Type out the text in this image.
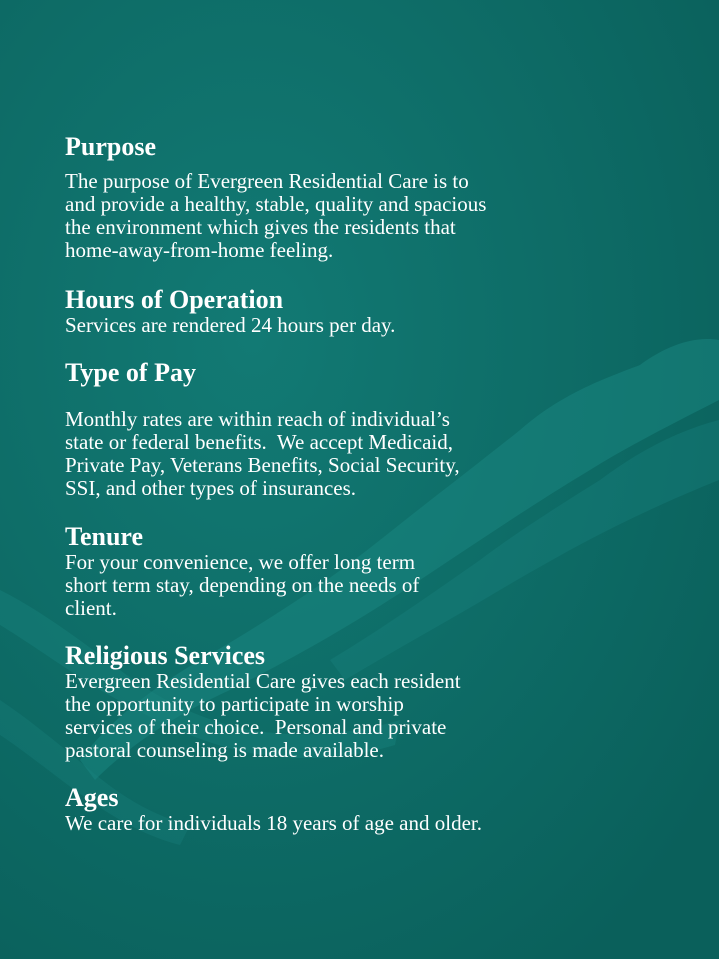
Purpose
The purpose of Evergreen Residential Care is to
and provide a healthy, stable, quality and spacious
the environment which gives the residents that
home-away-from-home feeling.
Hours of Operation
Services are rendered 24 hours per day.
Type of Pay
Monthly rates are within reach of individual’s
state or federal benefits.  We accept Medicaid,
Private Pay, Veterans Benefits, Social Security,
SSI, and other types of insurances.
Tenure
For your convenience, we offer long term
short term stay, depending on the needs of
client.
Religious Services
Evergreen Residential Care gives each resident
the opportunity to participate in worship
services of their choice.  Personal and private
pastoral counseling is made available.
Ages
We care for individuals 18 years of age and older.
